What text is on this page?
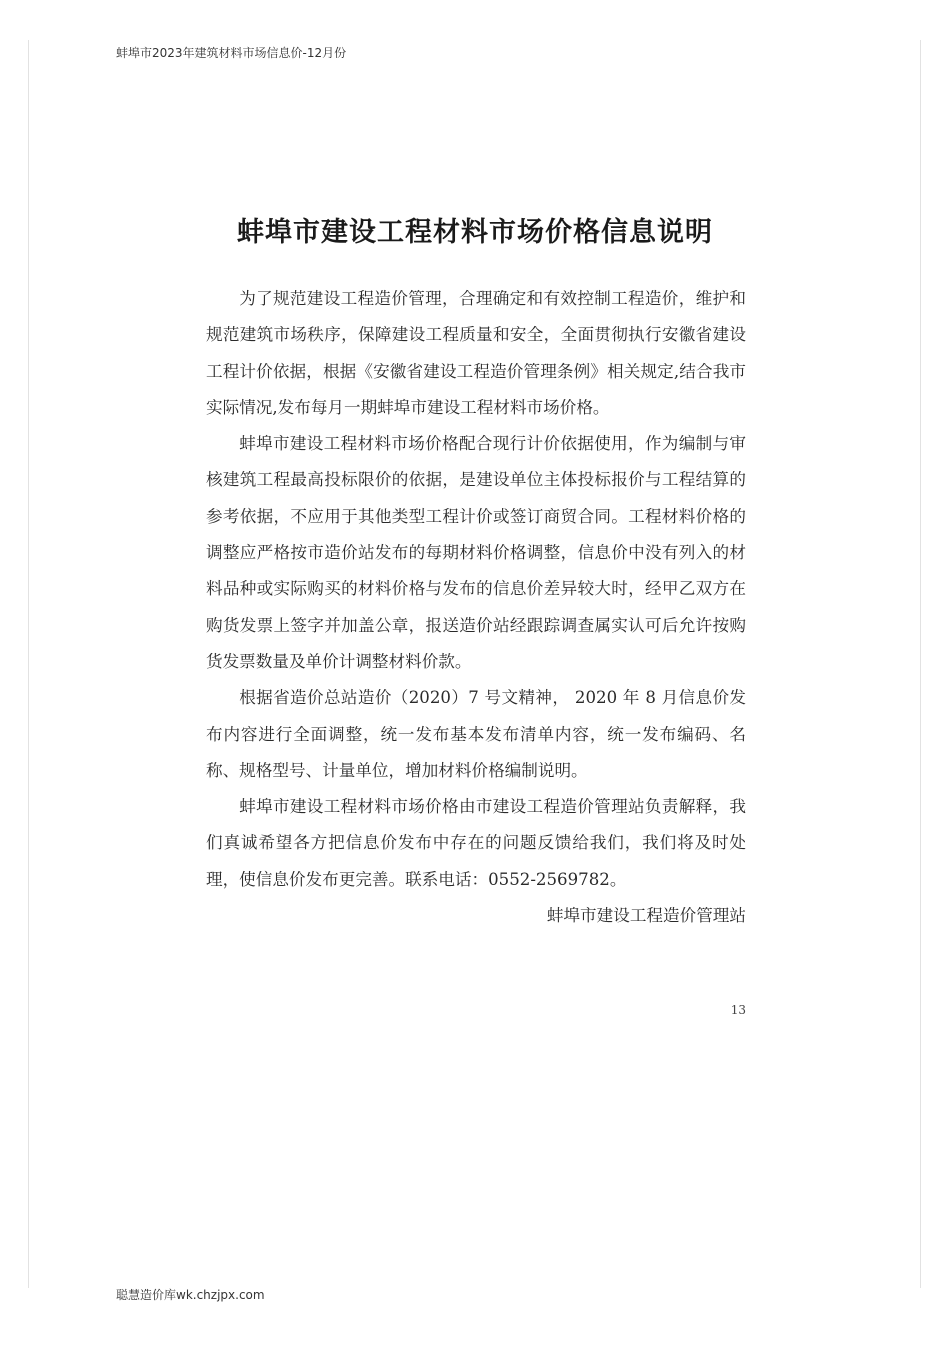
蚌埠市2023年建筑材料市场信息价-12月份
蚌埠市建设工程材料市场价格信息说明

为了规范建设工程造价管理，合理确定和有效控制工程造价，维护和规范建筑市场秩序，保障建设工程质量和安全，全面贯彻执行安徽省建设工程计价依据，根据《安徽省建设工程造价管理条例》相关规定,结合我市实际情况,发布每月一期蚌埠市建设工程材料市场价格。

蚌埠市建设工程材料市场价格配合现行计价依据使用，作为编制与审核建筑工程最高投标限价的依据，是建设单位主体投标报价与工程结算的参考依据，不应用于其他类型工程计价或签订商贸合同。工程材料价格的调整应严格按市造价站发布的每期材料价格调整，信息价中没有列入的材料品种或实际购买的材料价格与发布的信息价差异较大时，经甲乙双方在购货发票上签字并加盖公章，报送造价站经跟踪调查属实认可后允许按购货发票数量及单价计调整材料价款。

根据省造价总站造价（2020）7 号文精神， 2020 年 8 月信息价发布内容进行全面调整，统一发布基本发布清单内容，统一发布编码、名称、规格型号、计量单位，增加材料价格编制说明。

蚌埠市建设工程材料市场价格由市建设工程造价管理站负责解释，我们真诚希望各方把信息价发布中存在的问题反馈给我们，我们将及时处理，使信息价发布更完善。联系电话：0552-2569782。

蚌埠市建设工程造价管理站

13
聪慧造价库wk.chzjpx.com
